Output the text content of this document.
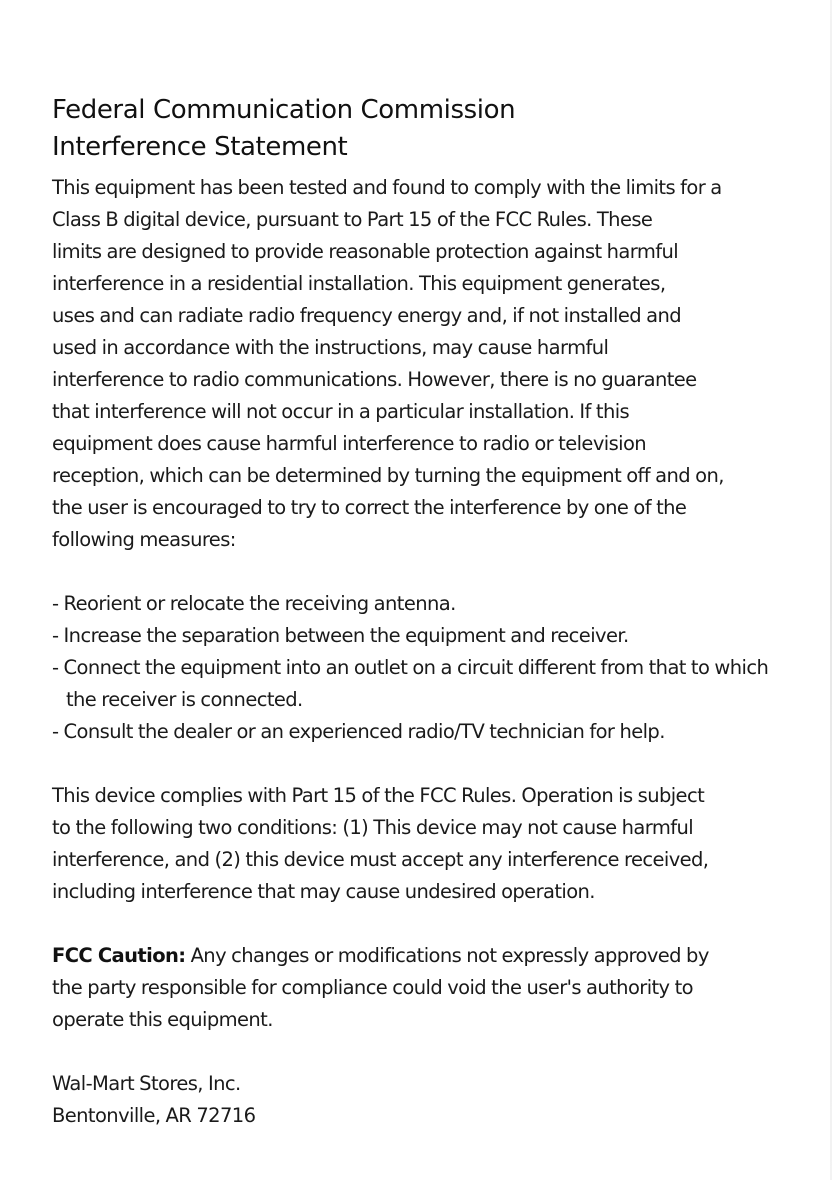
Federal Communication Commission
Interference Statement
This equipment has been tested and found to comply with the limits for a
Class B digital device, pursuant to Part 15 of the FCC Rules. These
limits are designed to provide reasonable protection against harmful
interference in a residential installation. This equipment generates,
uses and can radiate radio frequency energy and, if not installed and
used in accordance with the instructions, may cause harmful
interference to radio communications. However, there is no guarantee
that interference will not occur in a particular installation. If this
equipment does cause harmful interference to radio or television
reception, which can be determined by turning the equipment off and on,
the user is encouraged to try to correct the interference by one of the
following measures:
- Reorient or relocate the receiving antenna.
- Increase the separation between the equipment and receiver.
- Connect the equipment into an outlet on a circuit different from that to which the receiver is connected.
- Consult the dealer or an experienced radio/TV technician for help.
This device complies with Part 15 of the FCC Rules. Operation is subject
to the following two conditions: (1) This device may not cause harmful
interference, and (2) this device must accept any interference received,
including interference that may cause undesired operation.
FCC Caution: Any changes or modifications not expressly approved by
the party responsible for compliance could void the user's authority to
operate this equipment.
Wal-Mart Stores, Inc.
Bentonville, AR 72716
